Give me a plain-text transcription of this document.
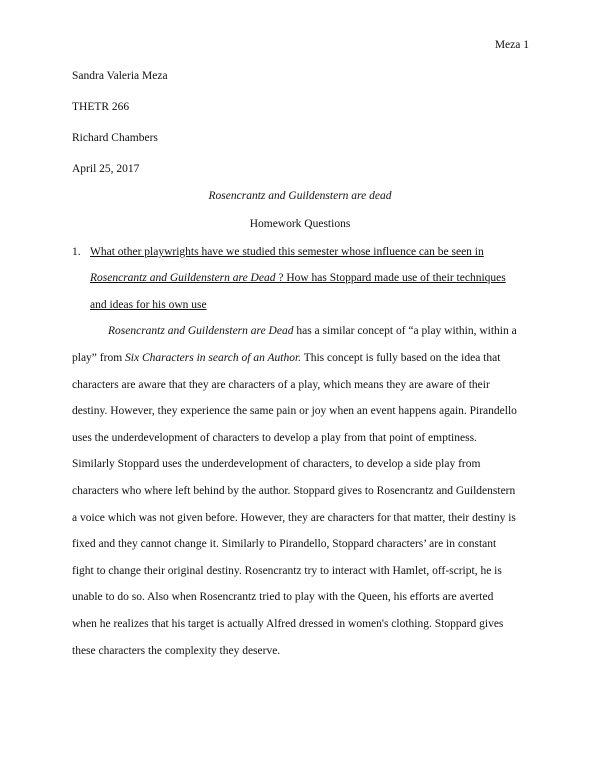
Meza 1
Sandra Valeria Meza
THETR 266
Richard Chambers
April 25, 2017
Rosencrantz and Guildenstern are dead
Homework Questions
1. What other playwrights have we studied this semester whose influence can be seen in
Rosencrantz and Guildenstern are Dead ? How has Stoppard made use of their techniques
and ideas for his own use
Rosencrantz and Guildenstern are Dead has a similar concept of “a play within, within a
play” from Six Characters in search of an Author. This concept is fully based on the idea that
characters are aware that they are characters of a play, which means they are aware of their
destiny. However, they experience the same pain or joy when an event happens again. Pirandello
uses the underdevelopment of characters to develop a play from that point of emptiness.
Similarly Stoppard uses the underdevelopment of characters, to develop a side play from
characters who where left behind by the author. Stoppard gives to Rosencrantz and Guildenstern
a voice which was not given before. However, they are characters for that matter, their destiny is
fixed and they cannot change it. Similarly to Pirandello, Stoppard characters’ are in constant
fight to change their original destiny. Rosencrantz try to interact with Hamlet, off-script, he is
unable to do so. Also when Rosencrantz tried to play with the Queen, his efforts are averted
when he realizes that his target is actually Alfred dressed in women's clothing. Stoppard gives
these characters the complexity they deserve.
